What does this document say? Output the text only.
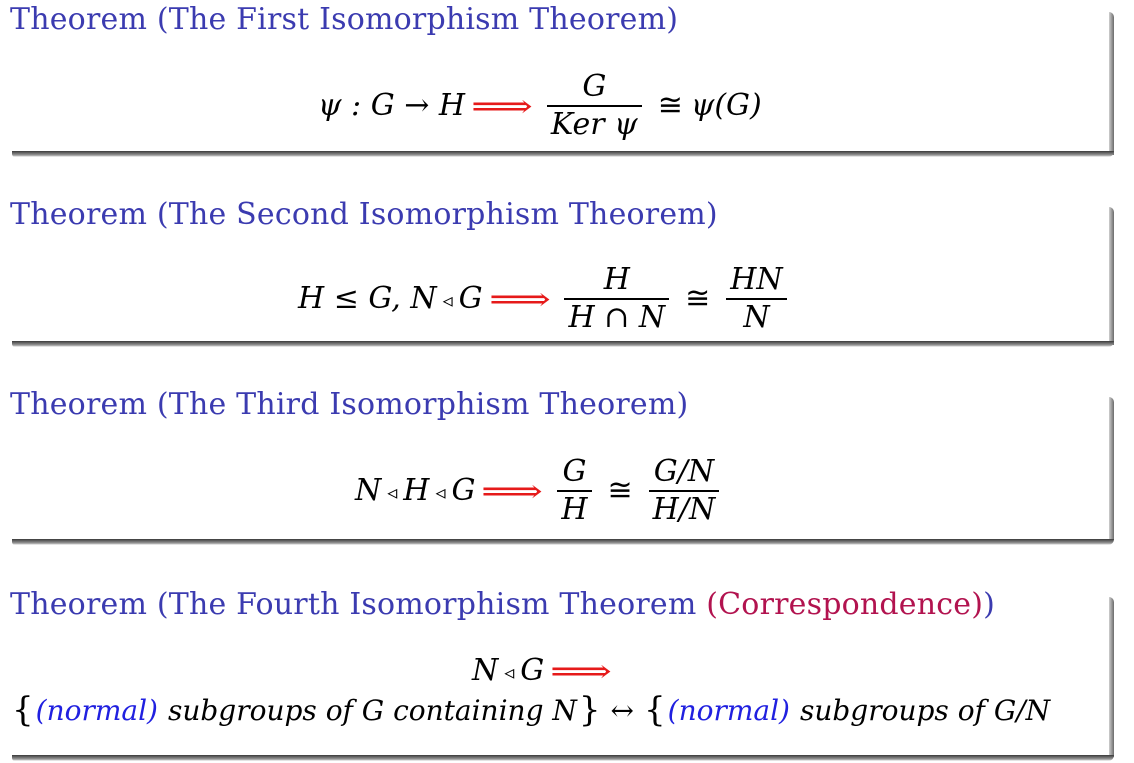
Theorem (The First Isomorphism Theorem)
ψ : G → H ⟹ $\frac{G}{\text{Ker ψ}}$ ≅ ψ(G)
Theorem (The Second Isomorphism Theorem)
H ≤ G, N ◃ G ⟹ $\frac{H}{H \cap N}$ ≅ $\frac{HN}{N}$
Theorem (The Third Isomorphism Theorem)
N ◃ H ◃ G ⟹ $\frac{G}{H}$ ≅ $\frac{G/N}{H/N}$
Theorem (The Fourth Isomorphism Theorem (Correspondence))
N ◃ G ⟹
{ (normal) subgroups of G containing N } ↔ { (normal) subgroups of G/N
